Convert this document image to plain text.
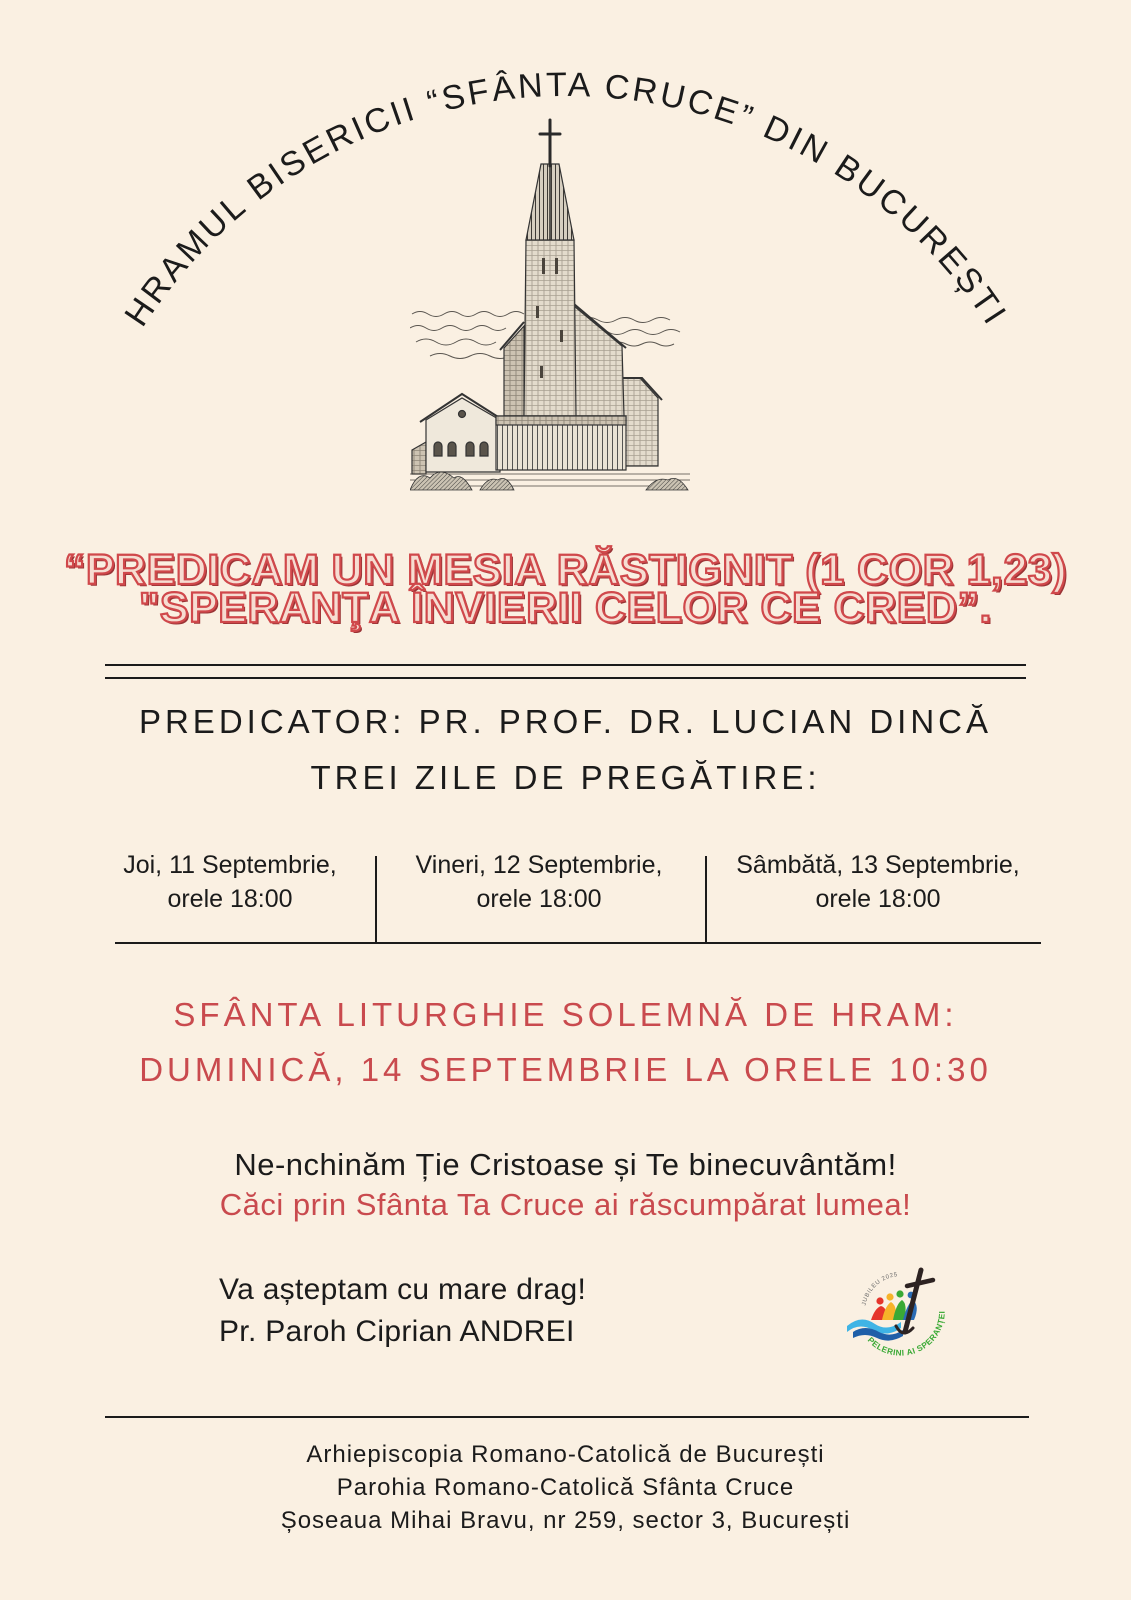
HRAMUL BISERICII “SFÂNTA CRUCE” DIN BUCUREȘTI
“PREDICAM UN MESIA RĂSTIGNIT (1 COR 1,23)
"SPERANŢA ÎNVIERII CELOR CE CRED”.
PREDICATOR: PR. PROF. DR. LUCIAN DINCĂ
TREI ZILE DE PREGĂTIRE:
Joi, 11 Septembrie,
orele 18:00
Vineri, 12 Septembrie,
orele 18:00
Sâmbătă, 13 Septembrie,
orele 18:00
SFÂNTA LITURGHIE SOLEMNĂ DE HRAM:
DUMINICĂ, 14 SEPTEMBRIE LA ORELE 10:30
Ne-nchinăm Ție Cristoase și Te binecuvântăm!
Căci prin Sfânta Ta Cruce ai răscumpărat lumea!
Va așteptam cu mare drag!
Pr. Paroh Ciprian ANDREI
JUBILEU 2025
PELERINI AI SPERANȚEI
Arhiepiscopia Romano-Catolică de București
Parohia Romano-Catolică Sfânta Cruce
Șoseaua Mihai Bravu, nr 259, sector 3, București
